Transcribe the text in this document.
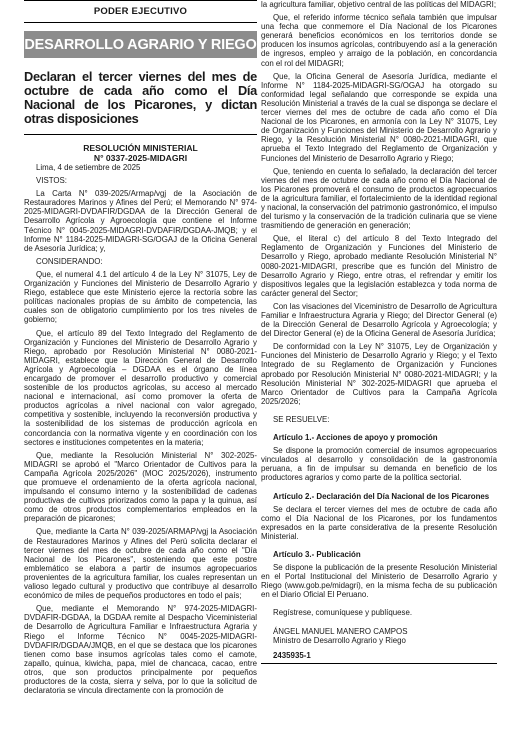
PODER EJECUTIVO
DESARROLLO AGRARIO Y RIEGO
Declaran el tercer viernes del mes de octubre de cada año como el Día Nacional de los Picarones, y dictan otras disposiciones
RESOLUCIÓN MINISTERIAL
N° 0337-2025-MIDAGRI

Lima, 4 de setiembre de 2025

VISTOS:

La Carta N° 039-2025/Armap/vgj de la Asociación de Restauradores Marinos y Afines del Perú; el Memorando N° 974-2025-MIDAGRI-DVDAFIR/DGDAA de la Dirección General de Desarrollo Agrícola y Agroecología que contiene el Informe Técnico N° 0045-2025-MIDAGRI-DVDAFIR/DGDAA-JMQB; y el Informe N° 1184-2025-MIDAGRI-SG/OGAJ de la Oficina General de Asesoría Jurídica; y,

CONSIDERANDO:

Que, el numeral 4.1 del artículo 4 de la Ley N° 31075, Ley de Organización y Funciones del Ministerio de Desarrollo Agrario y Riego, establece que este Ministerio ejerce la rectoría sobre las políticas nacionales propias de su ámbito de competencia, las cuales son de obligatorio cumplimiento por los tres niveles de gobierno;

Que, el artículo 89 del Texto Integrado del Reglamento de Organización y Funciones del Ministerio de Desarrollo Agrario y Riego, aprobado por Resolución Ministerial N° 0080-2021-MIDAGRI, establece que la Dirección General de Desarrollo Agrícola y Agroecología – DGDAA es el órgano de línea encargado de promover el desarrollo productivo y comercial sostenible de los productos agrícolas, su acceso al mercado nacional e internacional, así como promover la oferta de productos agrícolas a nivel nacional con valor agregado, competitiva y sostenible, incluyendo la reconversión productiva y la sostenibilidad de los sistemas de producción agrícola en concordancia con la normativa vigente y en coordinación con los sectores e instituciones competentes en la materia;

Que, mediante la Resolución Ministerial N° 302-2025-MIDAGRI se aprobó el "Marco Orientador de Cultivos para la Campaña Agrícola 2025/2026" (MOC 2025/2026), instrumento que promueve el ordenamiento de la oferta agrícola nacional, impulsando el consumo interno y la sostenibilidad de cadenas productivas de cultivos priorizados como la papa y la quinua, así como de otros productos complementarios empleados en la preparación de picarones;

Que, mediante la Carta N° 039-2025/ARMAP/vgj la Asociación de Restauradores Marinos y Afines del Perú solicita declarar el tercer viernes del mes de octubre de cada año como el "Día Nacional de los Picarones", sosteniendo que este postre emblemático se elabora a partir de insumos agropecuarios provenientes de la agricultura familiar, los cuales representan un valioso legado cultural y productivo que contribuye al desarrollo económico de miles de pequeños productores en todo el país;

Que, mediante el Memorando N° 974-2025-MIDAGRI-DVDAFIR-DGDAA, la DGDAA remite al Despacho Viceministerial de Desarrollo de Agricultura Familiar e Infraestructura Agraria y Riego el Informe Técnico N° 0045-2025-MIDAGRI-DVDAFIR/DGDAA/JMQB, en el que se destaca que los picarones tienen como base insumos agrícolas tales como el camote, zapallo, quinua, kiwicha, papa, miel de chancaca, cacao, entre otros, que son productos principalmente por pequeños productores de la costa, sierra y selva, por lo que la solicitud de declaratoria se vincula directamente con la promoción de

la agricultura familiar, objetivo central de las políticas del MIDAGRI;

Que, el referido informe técnico señala también que impulsar una fecha que conmemore el Día Nacional de los Picarones generará beneficios económicos en los territorios donde se producen los insumos agrícolas, contribuyendo así a la generación de ingresos, empleo y arraigo de la población, en concordancia con el rol del MIDAGRI;

Que, la Oficina General de Asesoría Jurídica, mediante el Informe N° 1184-2025-MIDAGRI-SG/OGAJ ha otorgado su conformidad legal señalando que corresponde se expida una Resolución Ministerial a través de la cual se disponga se declare el tercer viernes del mes de octubre de cada año como el Día Nacional de los Picarones, en armonía con la Ley N° 31075, Ley de Organización y Funciones del Ministerio de Desarrollo Agrario y Riego, y la Resolución Ministerial N° 0080-2021-MIDAGRI, que aprueba el Texto Integrado del Reglamento de Organización y Funciones del Ministerio de Desarrollo Agrario y Riego;

Que, teniendo en cuenta lo señalado, la declaración del tercer viernes del mes de octubre de cada año como el Día Nacional de los Picarones promoverá el consumo de productos agropecuarios de la agricultura familiar, el fortalecimiento de la identidad regional y nacional, la conservación del patrimonio gastronómico, el impulso del turismo y la conservación de la tradición culinaria que se viene trasmitiendo de generación en generación;

Que, el literal c) del artículo 8 del Texto Integrado del Reglamento de Organización y Funciones del Ministerio de Desarrollo y Riego, aprobado mediante Resolución Ministerial N° 0080-2021-MIDAGRI, prescribe que es función del Ministro de Desarrollo Agrario y Riego, entre otras, el refrendar y emitir los dispositivos legales que la legislación establezca y toda norma de carácter general del Sector;

Con las visaciones del Viceministro de Desarrollo de Agricultura Familiar e Infraestructura Agraria y Riego; del Director General (e) de la Dirección General de Desarrollo Agrícola y Agroecología; y del Director General (e) de la Oficina General de Asesoría Jurídica;

De conformidad con la Ley N° 31075, Ley de Organización y Funciones del Ministerio de Desarrollo Agrario y Riego; y el Texto Integrado de su Reglamento de Organización y Funciones aprobado por Resolución Ministerial N° 0080-2021-MIDAGRI; y la Resolución Ministerial N° 302-2025-MIDAGRI que aprueba el Marco Orientador de Cultivos para la Campaña Agrícola 2025/2026;

SE RESUELVE:

Artículo 1.- Acciones de apoyo y promoción

Se dispone la promoción comercial de insumos agropecuarios vinculados al desarrollo y consolidación de la gastronomía peruana, a fin de impulsar su demanda en beneficio de los productores agrarios y como parte de la política sectorial.

Artículo 2.- Declaración del Día Nacional de los Picarones

Se declara el tercer viernes del mes de octubre de cada año como el Día Nacional de los Picarones, por los fundamentos expresados en la parte considerativa de la presente Resolución Ministerial.

Artículo 3.- Publicación

Se dispone la publicación de la presente Resolución Ministerial en el Portal Institucional del Ministerio de Desarrollo Agrario y Riego (www.gob.pe/midagri), en la misma fecha de su publicación en el Diario Oficial El Peruano.

Regístrese, comuníquese y publíquese.

ÁNGEL MANUEL MANERO CAMPOS

Ministro de Desarrollo Agrario y Riego

2435935-1
